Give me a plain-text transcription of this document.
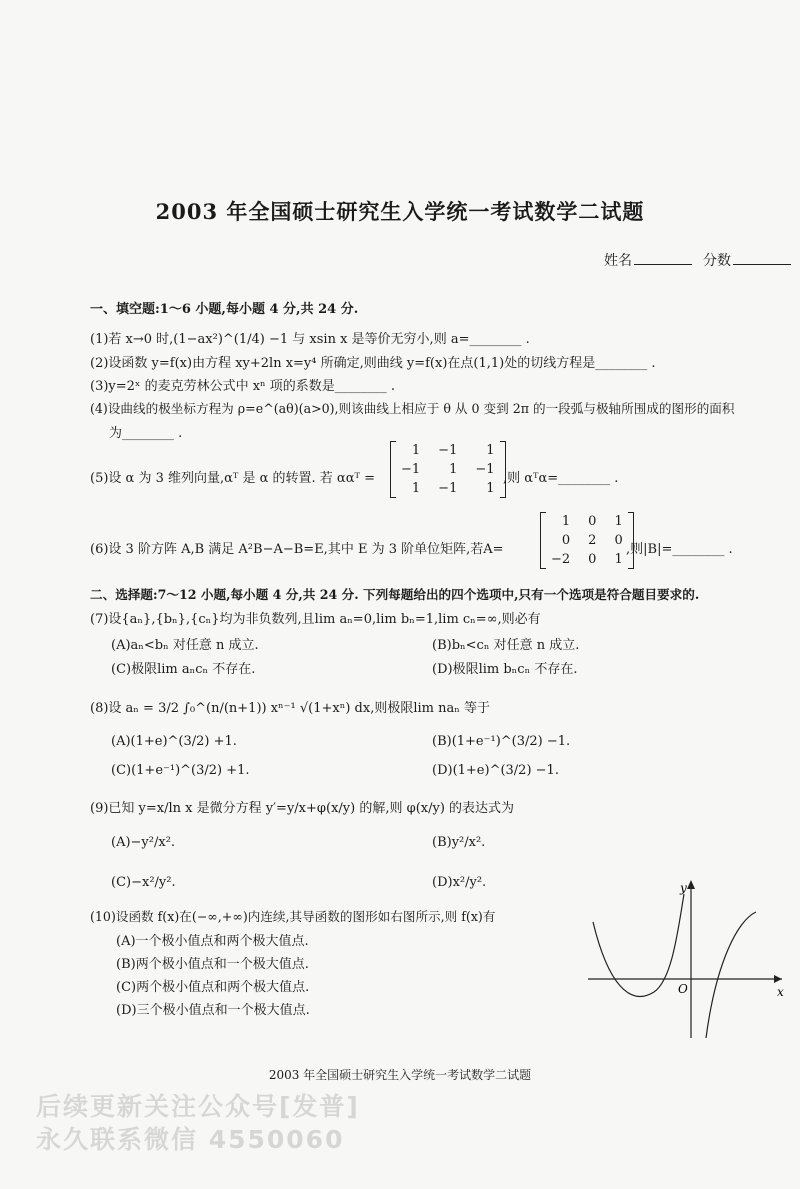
2003 年全国硕士研究生入学统一考试数学二试题
姓名	分数
一、填空题:1～6 小题,每小题 4 分,共 24 分.
(1)若 x→0 时,(1−ax²)^(1/4) −1 与 xsin x 是等价无穷小,则 a=________ .
(2)设函数 y=f(x)由方程 xy+2ln x=y⁴ 所确定,则曲线 y=f(x)在点(1,1)处的切线方程是________ .
(3)y=2ˣ 的麦克劳林公式中 xⁿ 项的系数是________ .
(4)设曲线的极坐标方程为 ρ=e^(aθ)(a>0),则该曲线上相应于 θ 从 0 变到 2π 的一段弧与极轴所围成的图形的面积
为________ .
(5)设 α 为 3 维列向量,αᵀ 是 α 的转置. 若 ααᵀ =
1	−1	1
−1	1	−1
1	−1	1
,则 αᵀα=________ .
(6)设 3 阶方阵 A,B 满足 A²B−A−B=E,其中 E 为 3 阶单位矩阵,若A=
1	0	1
0	2	0
−2	0	1
,则|B|=________ .
二、选择题:7～12 小题,每小题 4 分,共 24 分. 下列每题给出的四个选项中,只有一个选项是符合题目要求的.
(7)设{aₙ},{bₙ},{cₙ}均为非负数列,且lim aₙ=0,lim bₙ=1,lim cₙ=∞,则必有
(A)aₙ<bₙ 对任意 n 成立.	(B)bₙ<cₙ 对任意 n 成立.
(C)极限lim aₙcₙ 不存在.	(D)极限lim bₙcₙ 不存在.
(8)设 aₙ = 3/2 ∫₀^(n/(n+1)) xⁿ⁻¹ √(1+xⁿ) dx,则极限lim naₙ 等于
(A)(1+e)^(3/2) +1.	(B)(1+e⁻¹)^(3/2) −1.
(C)(1+e⁻¹)^(3/2) +1.	(D)(1+e)^(3/2) −1.
(9)已知 y=x/ln x 是微分方程 y′=y/x+φ(x/y) 的解,则 φ(x/y) 的表达式为
(A)−y²/x².	(B)y²/x².
(C)−x²/y².	(D)x²/y².
(10)设函数 f(x)在(−∞,+∞)内连续,其导函数的图形如右图所示,则 f(x)有
(A)一个极小值点和两个极大值点.
(B)两个极小值点和一个极大值点.
(C)两个极小值点和两个极大值点.
(D)三个极小值点和一个极大值点.
y
x
O
2003 年全国硕士研究生入学统一考试数学二试题
后续更新关注公众号[发普]
永久联系微信 4550060
